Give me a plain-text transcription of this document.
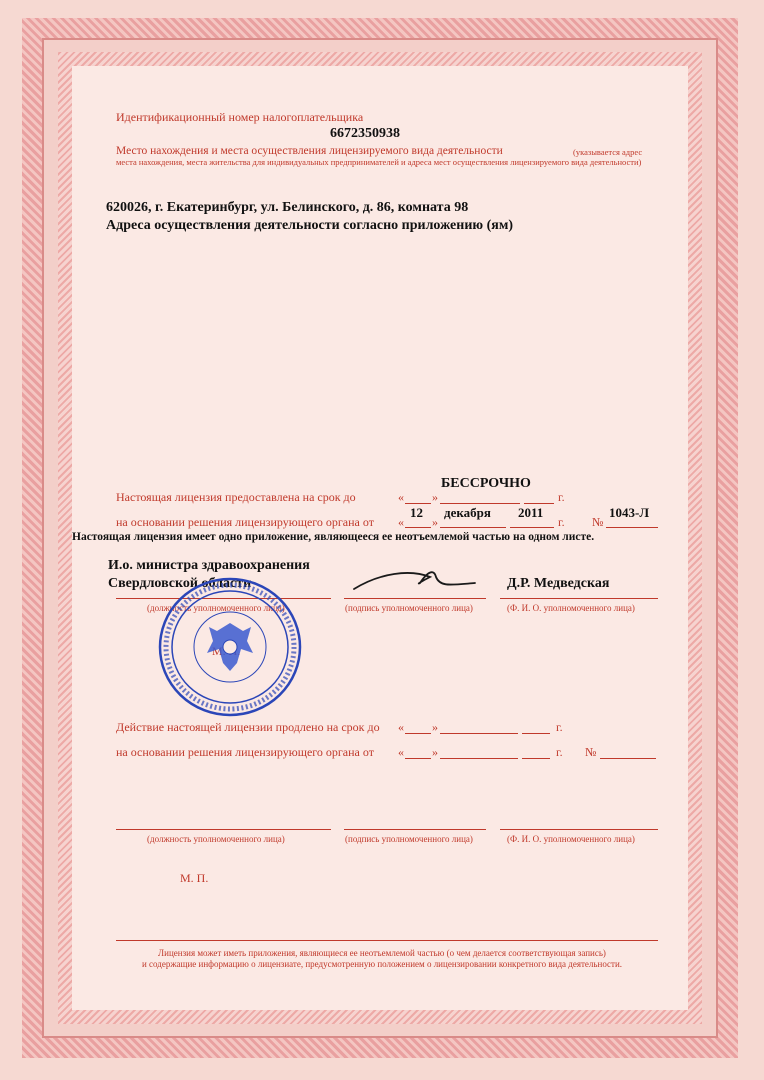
Идентификационный номер налогоплательщика
6672350938
Место нахождения и места осуществления лицензируемого вида деятельности	(указывается адрес места нахождения, места жительства для индивидуальных предпринимателей и адреса мест осуществления лицензируемого вида деятельности)
620026, г. Екатеринбург, ул. Белинского, д. 86, комната 98
Адреса осуществления деятельности согласно приложению (ям)
БЕССРОЧНО
Настоящая лицензия предоставлена на срок до	« »	г.
на основании решения лицензирующего органа от «
12
»
декабря 2011
г. №
1043-Л
Настоящая лицензия имеет одно приложение, являющееся ее неотъемлемой частью на одном листе.
И.о. министра здравоохранения
Свердловской области	Д.Р. Медведская
(должность уполномоченного лица)	(подпись уполномоченного лица)	(Ф. И. О. уполномоченного лица)
М.
Действие настоящей лицензии продлено на срок до « »	г.
на основании решения лицензирующего органа от « »	г. №
(должность уполномоченного лица)	(подпись уполномоченного лица)	(Ф. И. О. уполномоченного лица)
М. П.
Лицензия может иметь приложения, являющиеся ее неотъемлемой частью (о чем делается соответствующая запись)
и содержащие информацию о лицензиате, предусмотренную положением о лицензировании конкретного вида деятельности.
